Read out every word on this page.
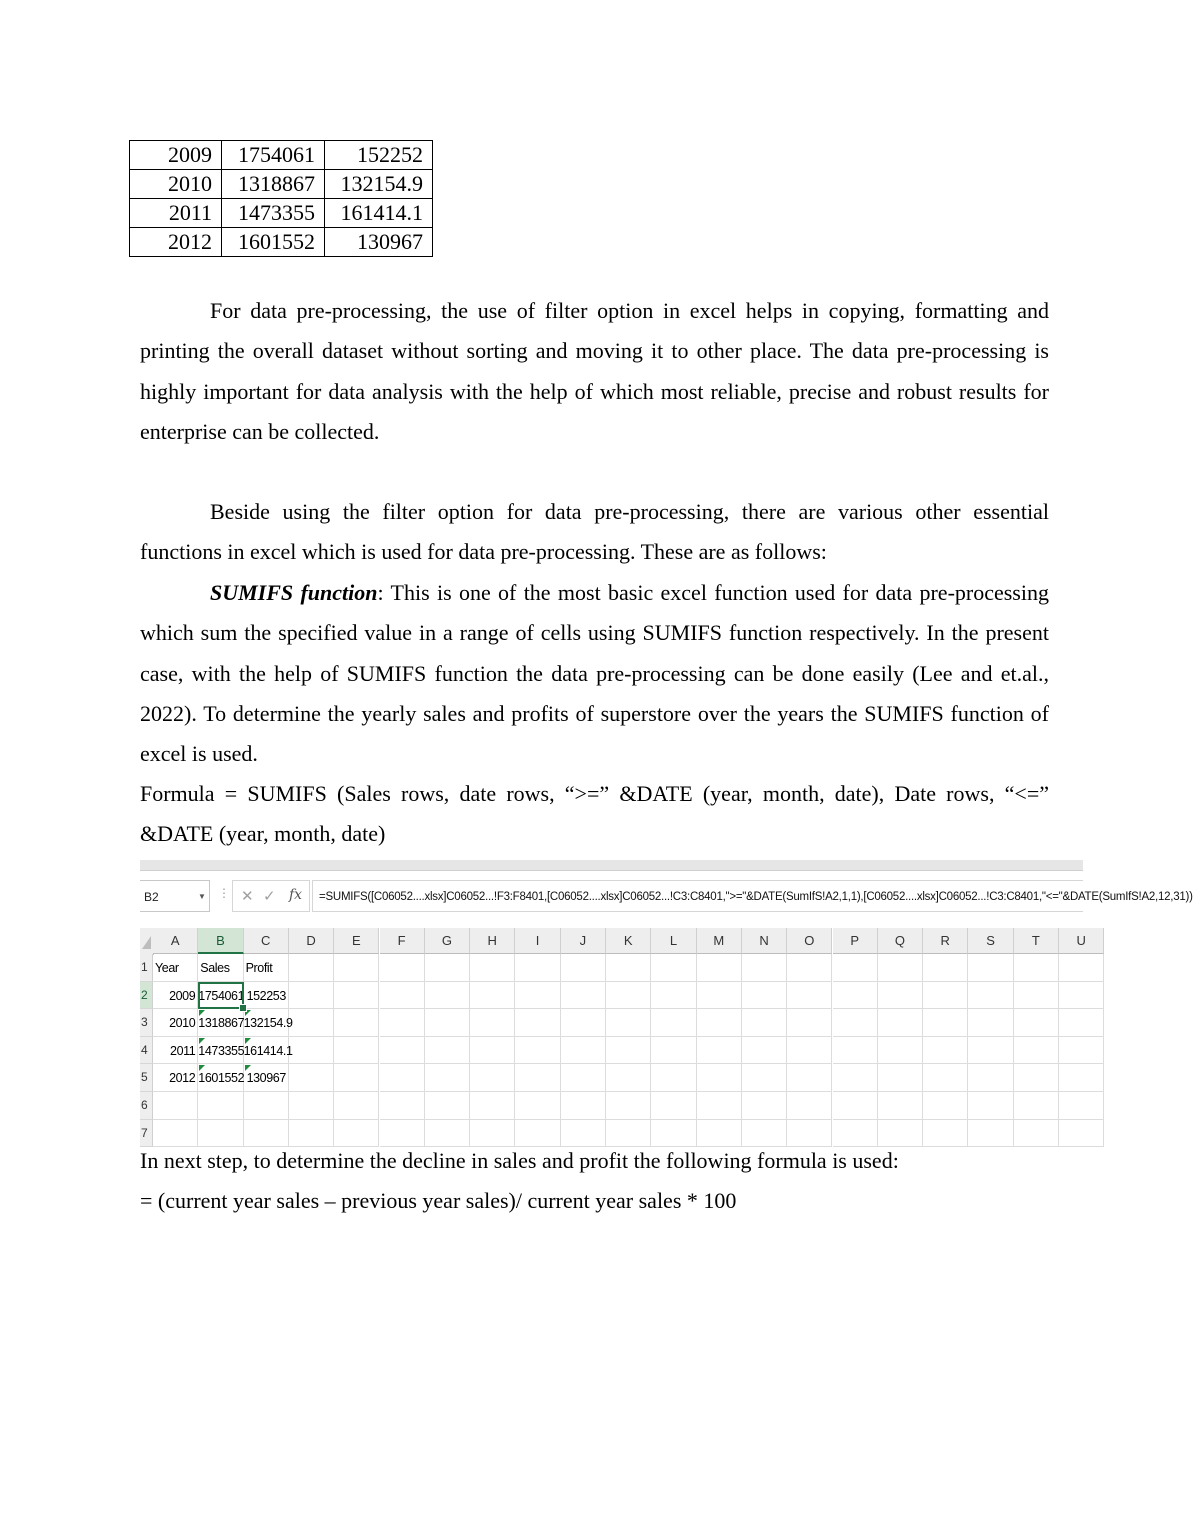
2009	1754061	152252
2010	1318867	132154.9
2011	1473355	161414.1
2012	1601552	130967

For data pre-processing, the use of filter option in excel helps in copying, formatting and printing the overall dataset without sorting and moving it to other place. The data pre-processing is highly important for data analysis with the help of which most reliable, precise and robust results for enterprise can be collected.

Beside using the filter option for data pre-processing, there are various other essential functions in excel which is used for data pre-processing. These are as follows:

SUMIFS function: This is one of the most basic excel function used for data pre-processing which sum the specified value in a range of cells using SUMIFS function respectively. In the present case, with the help of SUMIFS function the data pre-processing can be done easily (Lee and et.al., 2022). To determine the yearly sales and profits of superstore over the years the SUMIFS function of excel is used.

Formula = SUMIFS (Sales rows, date rows, “>=” &DATE (year, month, date), Date rows, “<=” &DATE (year, month, date)

B2	▼ ⋮ ✕ ✓ fx	=SUMIFS([C06052....xlsx]C06052...!F3:F8401,[C06052....xlsx]C06052...!C3:C8401,">="&DATE(SumIfS!A2,1,1),[C06052....xlsx]C06052...!C3:C8401,"<="&DATE(SumIfS!A2,12,31))
A	B	C	D	E	F	G	H	I	J	K	L	M	N	O	P	Q	R	S	T	U
1 Year	Sales	Profit
2	2009 1754061 152253
3	2010 1318867 132154.9
4	2011 1473355 161414.1
5	2012 1601552 130967
6
7

In next step, to determine the decline in sales and profit the following formula is used:

= (current year sales – previous year sales)/ current year sales * 100
